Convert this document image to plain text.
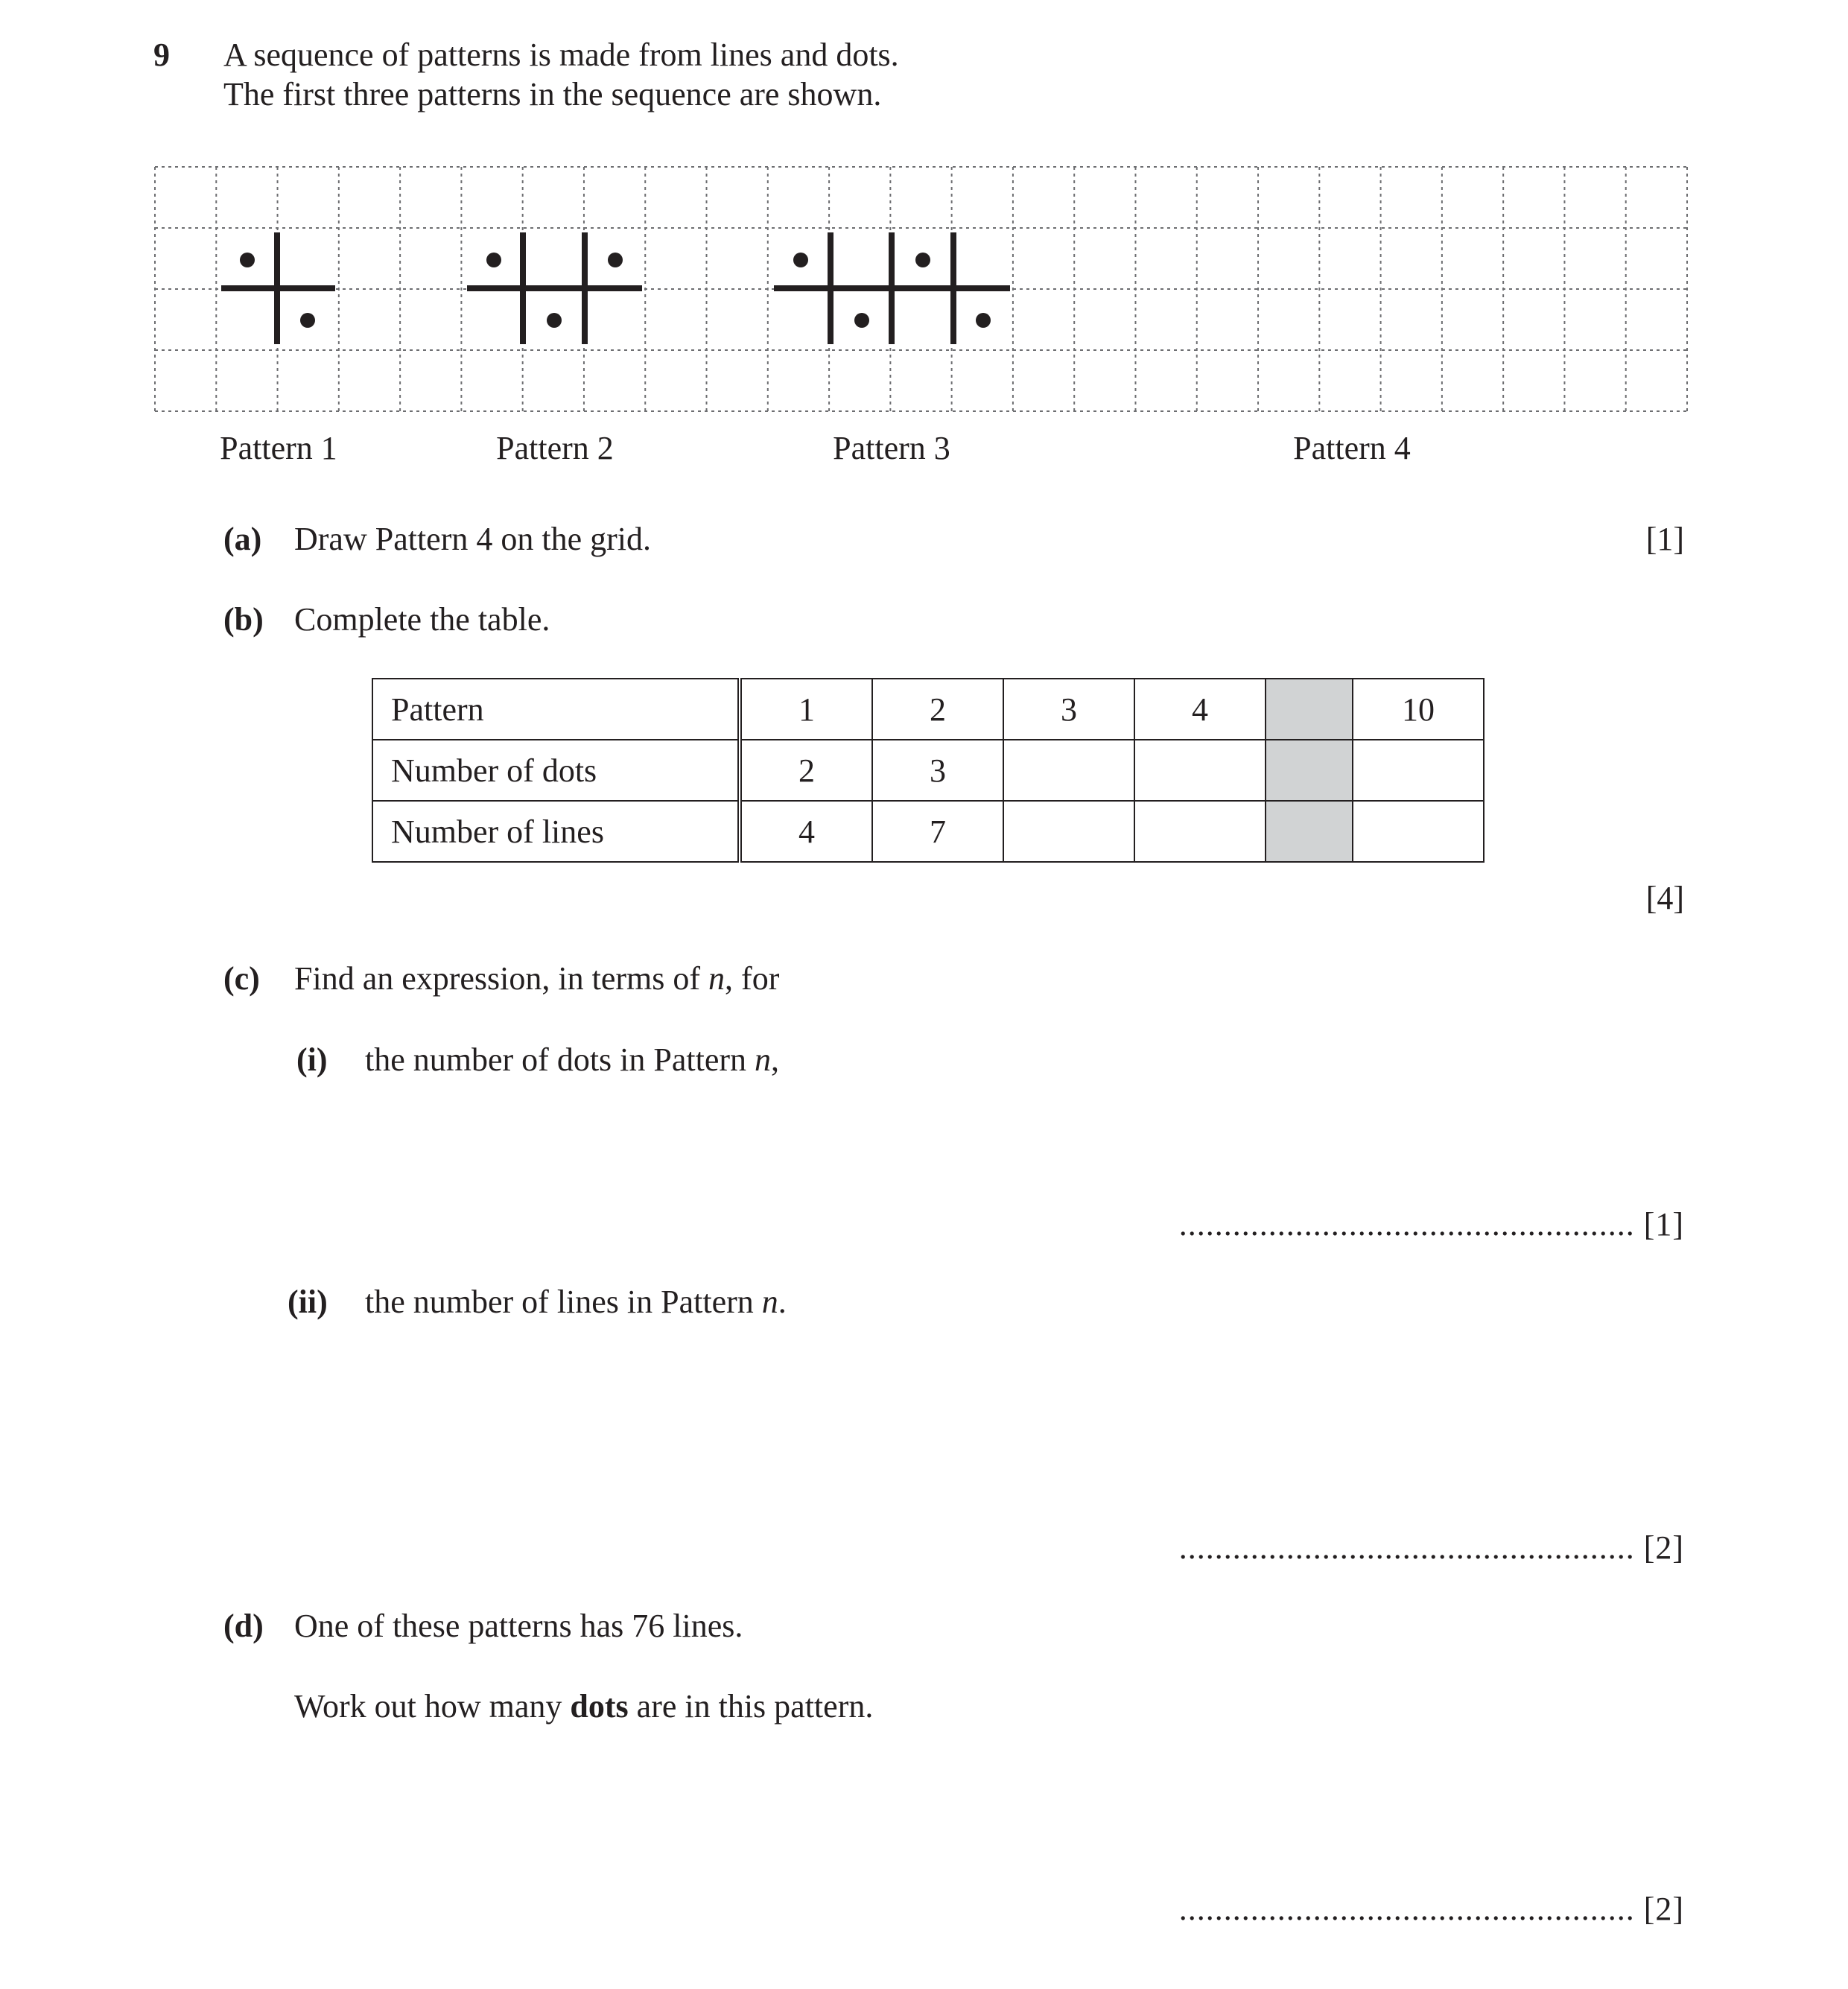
9 A sequence of patterns is made from lines and dots.
The first three patterns in the sequence are shown.
Pattern 1	Pattern 2	Pattern 3	Pattern 4
(a) Draw Pattern 4 on the grid.	[1]
(b) Complete the table.
Pattern	1	2	3	4		10
Number of dots	2	3				
Number of lines	4	7				
[4]
(c) Find an expression, in terms of n, for
(i) the number of dots in Pattern n,
................................................... [1]
(ii) the number of lines in Pattern n.
................................................... [2]
(d) One of these patterns has 76 lines.
Work out how many dots are in this pattern.
................................................... [2]
